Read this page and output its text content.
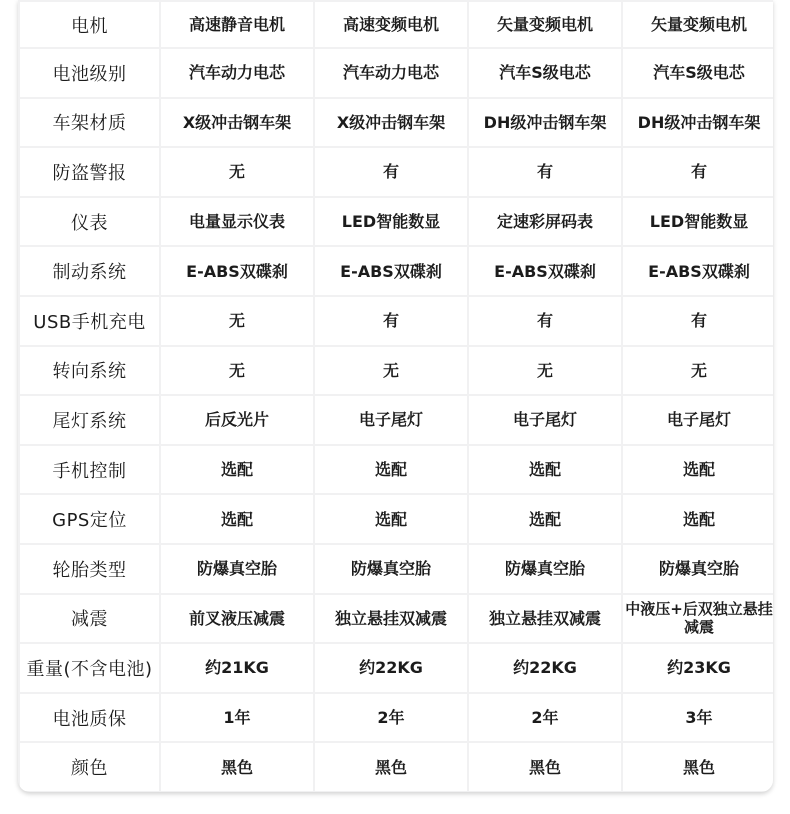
电机	高速静音电机	高速变频电机	矢量变频电机	矢量变频电机
电池级别	汽车动力电芯	汽车动力电芯	汽车S级电芯	汽车S级电芯
车架材质	X级冲击钢车架	X级冲击钢车架	DH级冲击钢车架	DH级冲击钢车架
防盗警报	无	有	有	有
仪表	电量显示仪表	LED智能数显	定速彩屏码表	LED智能数显
制动系统	E-ABS双碟刹	E-ABS双碟刹	E-ABS双碟刹	E-ABS双碟刹
USB手机充电	无	有	有	有
转向系统	无	无	无	无
尾灯系统	后反光片	电子尾灯	电子尾灯	电子尾灯
手机控制	选配	选配	选配	选配
GPS定位	选配	选配	选配	选配
轮胎类型	防爆真空胎	防爆真空胎	防爆真空胎	防爆真空胎
减震	前叉液压减震	独立悬挂双减震	独立悬挂双减震	中液压+后双独立悬挂减震
重量(不含电池)	约21KG	约22KG	约22KG	约23KG
电池质保	1年	2年	2年	3年
颜色	黑色	黑色	黑色	黑色
